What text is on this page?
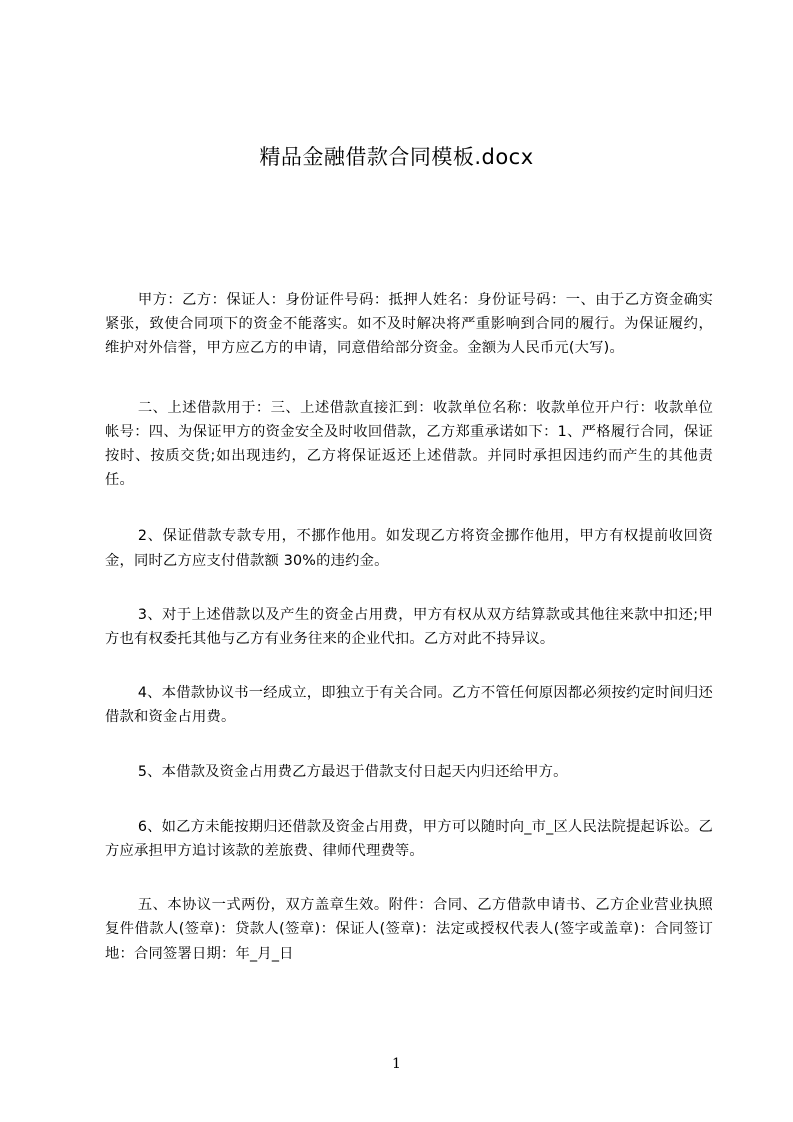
精品金融借款合同模板.docx

甲方：乙方：保证人：身份证件号码：抵押人姓名：身份证号码：一、由于乙方资金确实紧张，致使合同项下的资金不能落实。如不及时解决将严重影响到合同的履行。为保证履约，维护对外信誉，甲方应乙方的申请，同意借给部分资金。金额为人民币元(大写)。

二、上述借款用于：三、上述借款直接汇到：收款单位名称：收款单位开户行：收款单位帐号：四、为保证甲方的资金安全及时收回借款，乙方郑重承诺如下：1、严格履行合同，保证按时、按质交货;如出现违约，乙方将保证返还上述借款。并同时承担因违约而产生的其他责任。

2、保证借款专款专用，不挪作他用。如发现乙方将资金挪作他用，甲方有权提前收回资金，同时乙方应支付借款额 30%的违约金。

3、对于上述借款以及产生的资金占用费，甲方有权从双方结算款或其他往来款中扣还;甲方也有权委托其他与乙方有业务往来的企业代扣。乙方对此不持异议。

4、本借款协议书一经成立，即独立于有关合同。乙方不管任何原因都必须按约定时间归还借款和资金占用费。

5、本借款及资金占用费乙方最迟于借款支付日起天内归还给甲方。

6、如乙方未能按期归还借款及资金占用费，甲方可以随时向_市_区人民法院提起诉讼。乙方应承担甲方追讨该款的差旅费、律师代理费等。

五、本协议一式两份，双方盖章生效。附件：合同、乙方借款申请书、乙方企业营业执照复件借款人(签章)：贷款人(签章)：保证人(签章)：法定或授权代表人(签字或盖章)：合同签订地：合同签署日期：年_月_日

1
